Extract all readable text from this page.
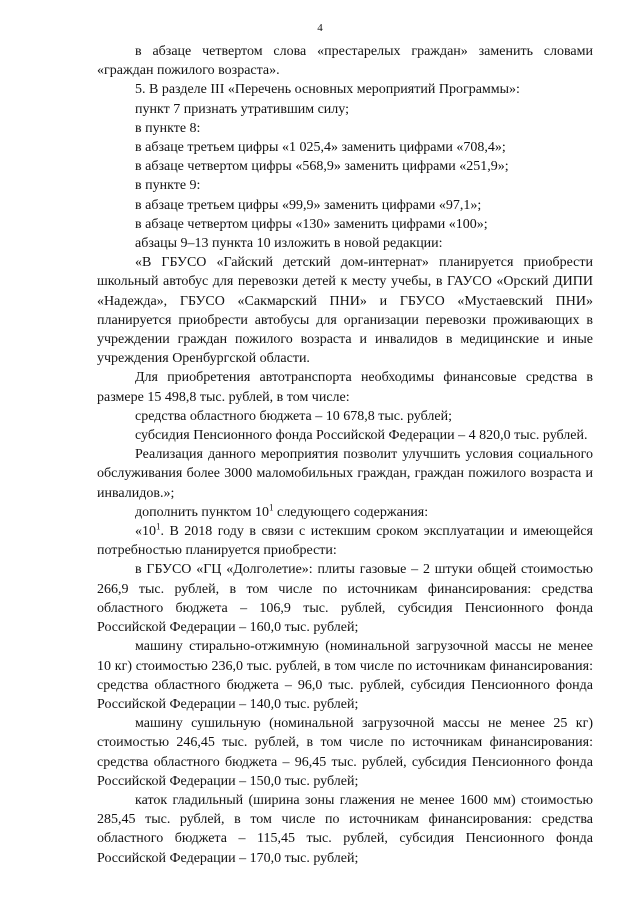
4

в абзаце четвертом слова «престарелых граждан» заменить словами «граждан пожилого возраста».

5. В разделе III «Перечень основных мероприятий Программы»:

пункт 7 признать утратившим силу;

в пункте 8:

в абзаце третьем цифры «1 025,4» заменить цифрами «708,4»;

в абзаце четвертом цифры «568,9» заменить цифрами «251,9»;

в пункте 9:

в абзаце третьем цифры «99,9» заменить цифрами «97,1»;

в абзаце четвертом цифры «130» заменить цифрами «100»;

абзацы 9–13 пункта 10 изложить в новой редакции:

«В ГБУСО «Гайский детский дом-интернат» планируется приобрести школьный автобус для перевозки детей к месту учебы, в ГАУСО «Орский ДИПИ «Надежда», ГБУСО «Сакмарский ПНИ» и ГБУСО «Мустаевский ПНИ» планируется приобрести автобусы для организации перевозки проживающих в учреждении граждан пожилого возраста и инвалидов в медицинские и иные учреждения Оренбургской области.

Для приобретения автотранспорта необходимы финансовые средства в размере 15 498,8 тыс. рублей, в том числе:

средства областного бюджета – 10 678,8 тыс. рублей;

субсидия Пенсионного фонда Российской Федерации – 4 820,0 тыс. рублей.

Реализация данного мероприятия позволит улучшить условия социального обслуживания более 3000 маломобильных граждан, граждан пожилого возраста и инвалидов.»;

дополнить пунктом $10^1$ следующего содержания:

«$10^1$. В 2018 году в связи с истекшим сроком эксплуатации и имеющейся потребностью планируется приобрести:

в ГБУСО «ГЦ «Долголетие»: плиты газовые – 2 штуки общей стоимостью 266,9 тыс. рублей, в том числе по источникам финансирования: средства областного бюджета – 106,9 тыс. рублей, субсидия Пенсионного фонда Российской Федерации – 160,0 тыс. рублей;

машину стирально-отжимную (номинальной загрузочной массы не менее 10 кг) стоимостью 236,0 тыс. рублей, в том числе по источникам финансирования: средства областного бюджета – 96,0 тыс. рублей, субсидия Пенсионного фонда Российской Федерации – 140,0 тыс. рублей;

машину сушильную (номинальной загрузочной массы не менее 25 кг) стоимостью 246,45 тыс. рублей, в том числе по источникам финансирования: средства областного бюджета – 96,45 тыс. рублей, субсидия Пенсионного фонда Российской Федерации – 150,0 тыс. рублей;

каток гладильный (ширина зоны глажения не менее 1600 мм) стоимостью 285,45 тыс. рублей, в том числе по источникам финансирования: средства областного бюджета – 115,45 тыс. рублей, субсидия Пенсионного фонда Российской Федерации – 170,0 тыс. рублей;
